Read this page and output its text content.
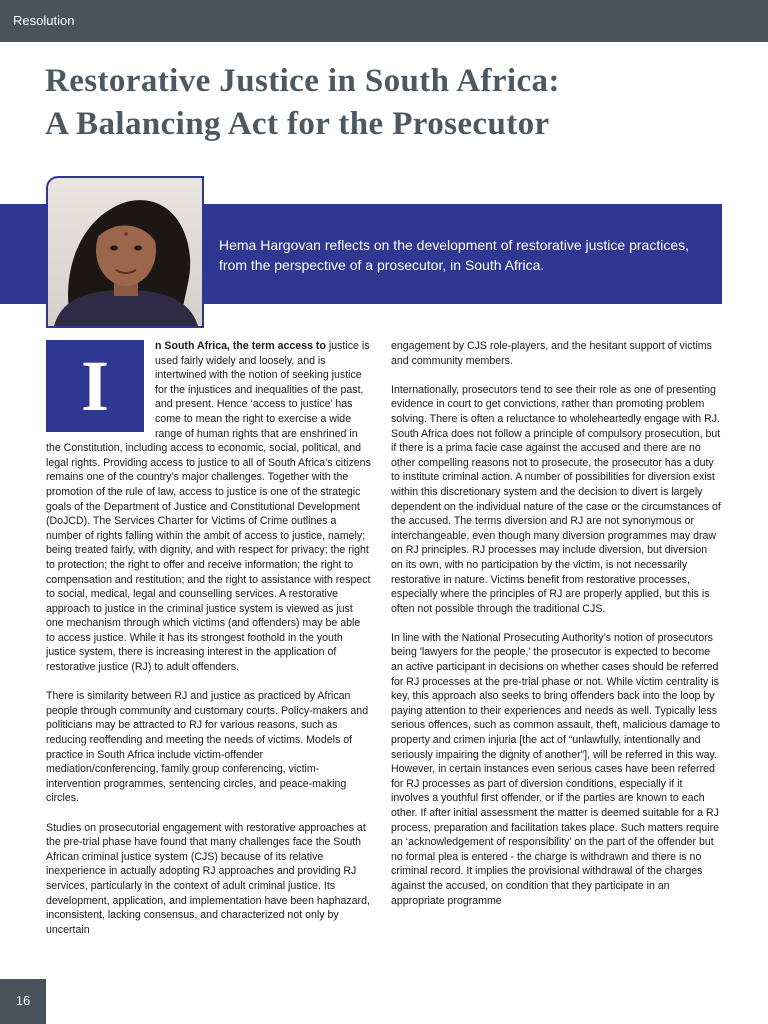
Resolution
Restorative Justice in South Africa:
A Balancing Act for the Prosecutor

Hema Hargovan reflects on the development of restorative justice practices, from the perspective of a prosecutor, in South Africa.

I	n South Africa, the term access to justice is used fairly widely and loosely, and is intertwined with the notion of seeking justice for the injustices and inequalities of the past, and present. Hence ‘access to justice’ has come to mean the right to exercise a wide range of human rights that are enshrined in the Constitution, including access to economic, social, political, and legal rights. Providing access to justice to all of South Africa’s citizens remains one of the country’s major challenges. Together with the promotion of the rule of law, access to justice is one of the strategic goals of the Department of Justice and Constitutional Development (DoJCD). The Services Charter for Victims of Crime outlines a number of rights falling within the ambit of access to justice, namely; being treated fairly, with dignity, and with respect for privacy; the right to protection; the right to offer and receive information; the right to compensation and restitution; and the right to assistance with respect to social, medical, legal and counselling services. A restorative approach to justice in the criminal justice system is viewed as just one mechanism through which victims (and offenders) may be able to access justice. While it has its strongest foothold in the youth justice system, there is increasing interest in the application of restorative justice (RJ) to adult offenders.

There is similarity between RJ and justice as practiced by African people through community and customary courts. Policy-makers and politicians may be attracted to RJ for various reasons, such as reducing reoffending and meeting the needs of victims. Models of practice in South Africa include victim-offender mediation/conferencing, family group conferencing, victim-intervention programmes, sentencing circles, and peace-making circles.

Studies on prosecutorial engagement with restorative approaches at the pre-trial phase have found that many challenges face the South African criminal justice system (CJS) because of its relative inexperience in actually adopting RJ approaches and providing RJ services, particularly in the context of adult criminal justice. Its development, application, and implementation have been haphazard, inconsistent, lacking consensus, and characterized not only by uncertain

engagement by CJS role-players, and the hesitant support of victims and community members.

Internationally, prosecutors tend to see their role as one of presenting evidence in court to get convictions, rather than promoting problem solving. There is often a reluctance to wholeheartedly engage with RJ. South Africa does not follow a principle of compulsory prosecution, but if there is a prima facie case against the accused and there are no other compelling reasons not to prosecute, the prosecutor has a duty to institute criminal action. A number of possibilities for diversion exist within this discretionary system and the decision to divert is largely dependent on the individual nature of the case or the circumstances of the accused. The terms diversion and RJ are not synonymous or interchangeable, even though many diversion programmes may draw on RJ principles. RJ processes may include diversion, but diversion on its own, with no participation by the victim, is not necessarily restorative in nature. Victims benefit from restorative processes, especially where the principles of RJ are properly applied, but this is often not possible through the traditional CJS.

In line with the National Prosecuting Authority’s notion of prosecutors being 'lawyers for the people,' the prosecutor is expected to become an active participant in decisions on whether cases should be referred for RJ processes at the pre-trial phase or not. While victim centrality is key, this approach also seeks to bring offenders back into the loop by paying attention to their experiences and needs as well. Typically less serious offences, such as common assault, theft, malicious damage to property and crimen injuria [the act of “unlawfully, intentionally and seriously impairing the dignity of another”], will be referred in this way. However, in certain instances even serious cases have been referred for RJ processes as part of diversion conditions, especially if it involves a youthful first offender, or if the parties are known to each other. If after initial assessment the matter is deemed suitable for a RJ process, preparation and facilitation takes place. Such matters require an ‘acknowledgement of responsibility’ on the part of the offender but no formal plea is entered - the charge is withdrawn and there is no criminal record. It implies the provisional withdrawal of the charges against the accused, on condition that they participate in an appropriate programme

16
